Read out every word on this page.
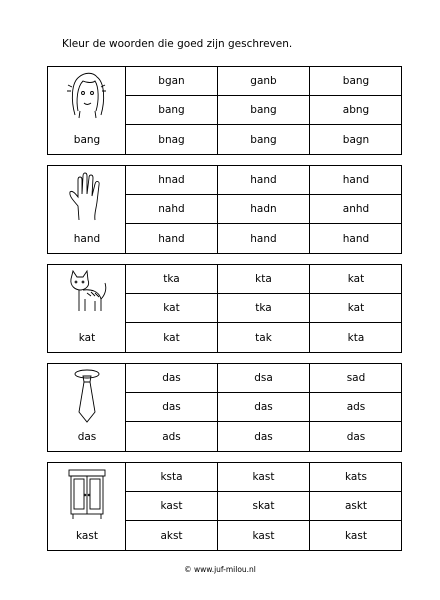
Kleur de woorden die goed zijn geschreven.
bang
bgan	ganb	bang
bang	bang	abng
bnag	bang	bagn
hand
hnad	hand	hand
nahd	hadn	anhd
hand	hand	hand
kat
tka	kta	kat
kat	tka	kat
kat	tak	kta
das
das	dsa	sad
das	das	ads
ads	das	das
kast
ksta	kast	kats
kast	skat	askt
akst	kast	kast
© www.juf-milou.nl
